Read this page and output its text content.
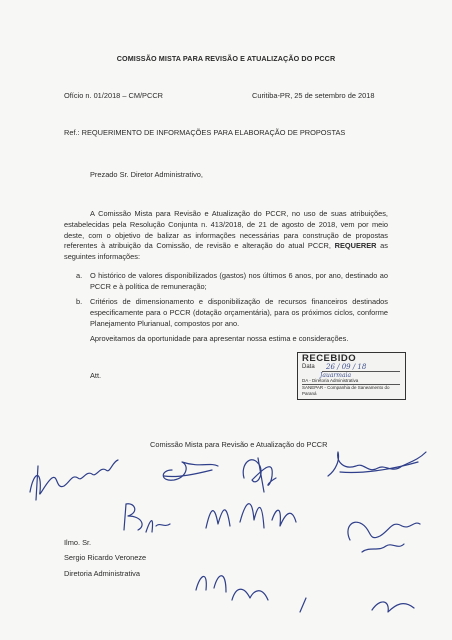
COMISSÃO MISTA PARA REVISÃO E ATUALIZAÇÃO DO PCCR
Ofício n. 01/2018 – CM/PCCR	Curitiba-PR, 25 de setembro de 2018
Ref.: REQUERIMENTO DE INFORMAÇÕES PARA ELABORAÇÃO DE PROPOSTAS
Prezado Sr. Diretor Administrativo,
A Comissão Mista para Revisão e Atualização do PCCR, no uso de suas atribuições, estabelecidas pela Resolução Conjunta n. 413/2018, de 21 de agosto de 2018, vem por meio deste, com o objetivo de balizar as informações necessárias para construção de propostas referentes à atribuição da Comissão, de revisão e alteração do atual PCCR, REQUERER as seguintes informações:
a. O histórico de valores disponibilizados (gastos) nos últimos 6 anos, por ano, destinado ao PCCR e à política de remuneração;
b. Critérios de dimensionamento e disponibilização de recursos financeiros destinados especificamente para o PCCR (dotação orçamentária), para os próximos ciclos, conforme Planejamento Plurianual, compostos por ano.
Aproveitamos da oportunidade para apresentar nossa estima e considerações.
Att.
RECEBIDO
Data 26 / 09 / 18
Jauarmaia
DA - Diretoria Administrativa
SANEPAR - Companhia de Saneamento do Paraná
Comissão Mista para Revisão e Atualização do PCCR
Ilmo. Sr.
Sergio Ricardo Veroneze
Diretoria Administrativa
